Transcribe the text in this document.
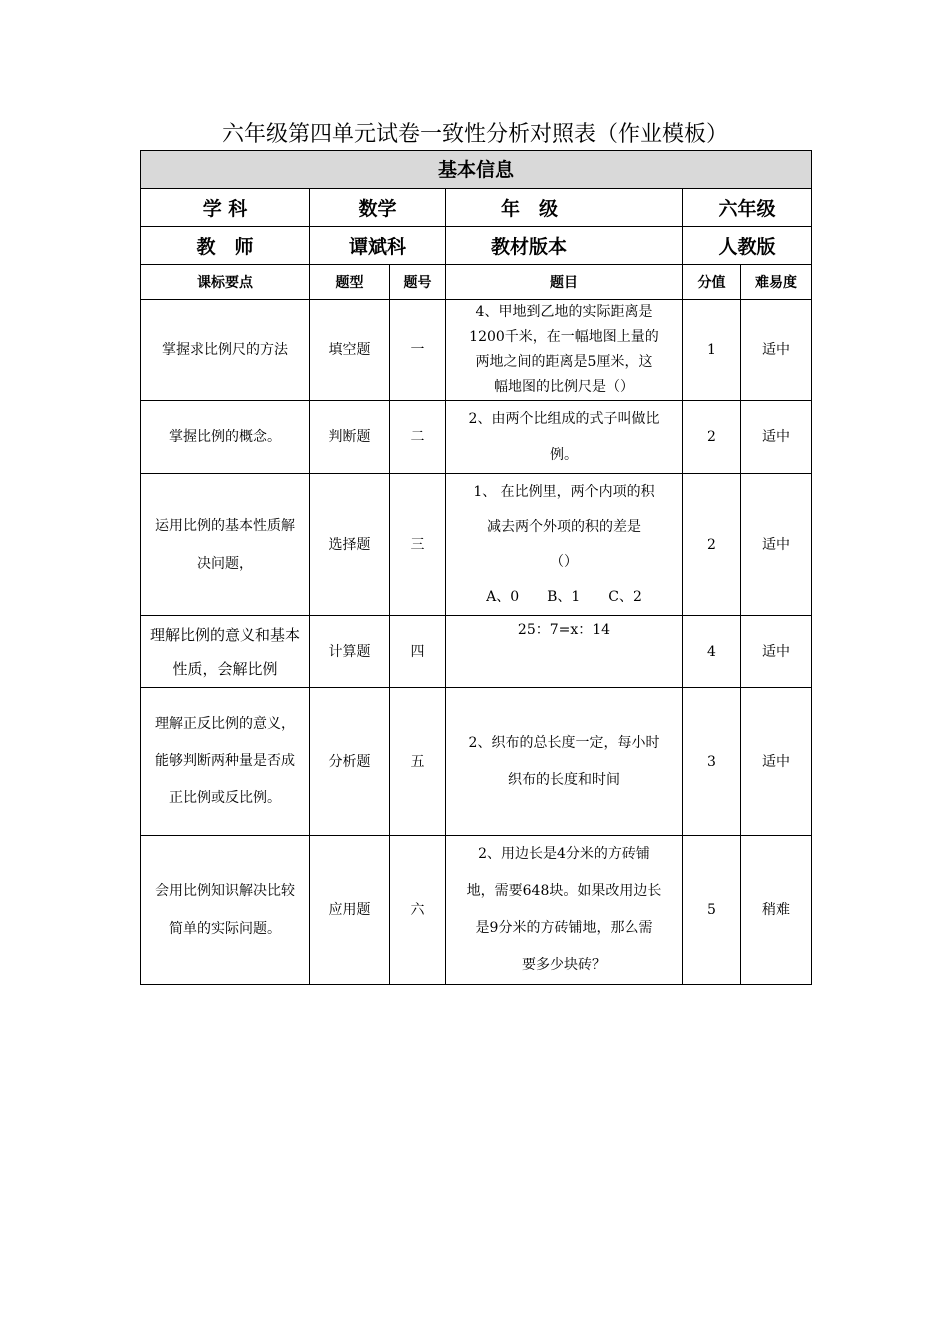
六年级第四单元试卷一致性分析对照表（作业模板）
基本信息					
学 科	数学		年　级	六年级	
教　师	谭斌科		教材版本	人教版	
课标要点	题型	题号	题目	分值	难易度
掌握求比例尺的方法	填空题	一	4、甲地到乙地的实际距离是
1200千米，在一幅地图上量的
两地之间的距离是5厘米，这
幅地图的比例尺是（）	1	适中
掌握比例的概念。	判断题	二	2、由两个比组成的式子叫做比
例。	2	适中
运用比例的基本性质解决问题，	选择题	三	1、 在比例里，两个内项的积
减去两个外项的积的差是
（）
A、0　　B、1　　C、2	2	适中
理解比例的意义和基本性质，会解比例	计算题	四	25：7=x：14	4	适中
理解正反比例的意义，能够判断两种量是否成正比例或反比例。	分析题	五	2、织布的总长度一定，每小时
织布的长度和时间	3	适中
会用比例知识解决比较简单的实际问题。	应用题	六	2、用边长是4分米的方砖铺
地，需要648块。如果改用边长
是9分米的方砖铺地，那么需
要多少块砖？	5	稍难
